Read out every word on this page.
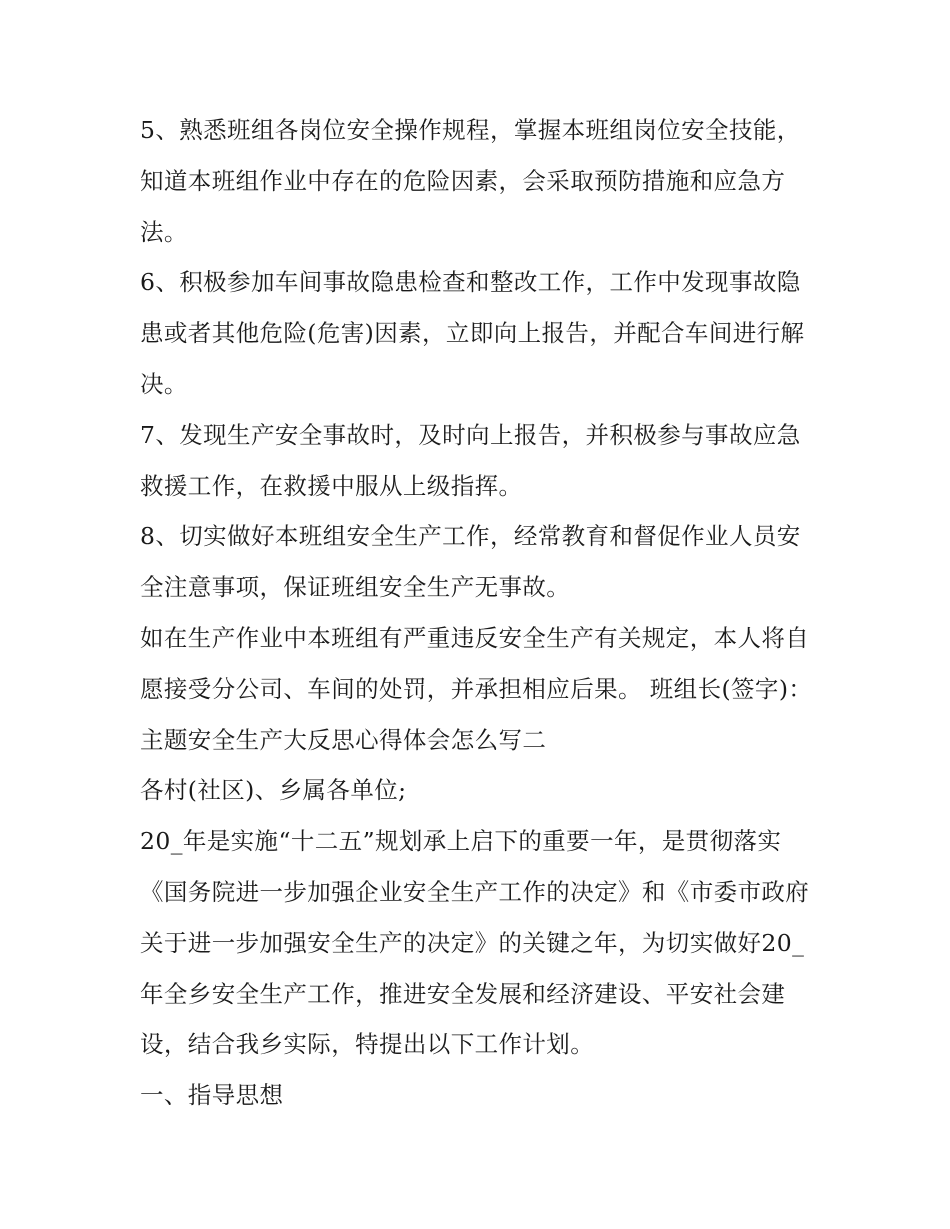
5、熟悉班组各岗位安全操作规程，掌握本班组岗位安全技能，知道本班组作业中存在的危险因素，会采取预防措施和应急方法。

6、积极参加车间事故隐患检查和整改工作，工作中发现事故隐患或者其他危险(危害)因素，立即向上报告，并配合车间进行解决。

7、发现生产安全事故时，及时向上报告，并积极参与事故应急救援工作，在救援中服从上级指挥。

8、切实做好本班组安全生产工作，经常教育和督促作业人员安全注意事项，保证班组安全生产无事故。

如在生产作业中本班组有严重违反安全生产有关规定，本人将自愿接受分公司、车间的处罚，并承担相应后果。 班组长(签字)： 主题安全生产大反思心得体会怎么写二

各村(社区)、乡属各单位;

20_年是实施“十二五”规划承上启下的重要一年，是贯彻落实《国务院进一步加强企业安全生产工作的决定》和《市委市政府关于进一步加强安全生产的决定》的关键之年，为切实做好20_年全乡安全生产工作，推进安全发展和经济建设、平安社会建设，结合我乡实际，特提出以下工作计划。

一、指导思想
